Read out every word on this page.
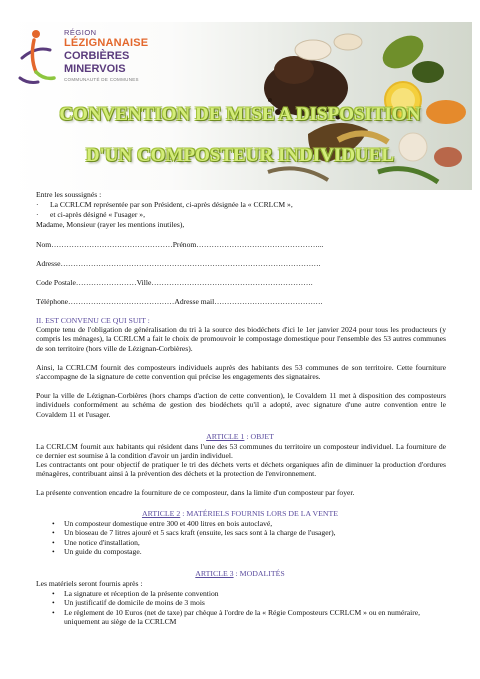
RÉGION
LÉZIGNANAISE
CORBIÈRES
MINERVOIS
COMMUNAUTÉ DE COMMUNES
CONVENTION DE MISE A DISPOSITION
D'UN COMPOSTEUR INDIVIDUEL
Entre les soussignés :
· La CCRLCM représentée par son Président, ci-après désignée la « CCRLCM »,
· et ci-après désigné « l'usager »,
Madame, Monsieur (rayer les mentions inutiles),
Nom…………………………………………Prénom…………………………………………...
Adresse………………………………………………………………………………………….
Code Postale……………………Ville……………………………………………………….
Téléphone……………………………………Adresse mail…………………………………….
II. EST CONVENU CE QUI SUIT :
Compte tenu de l'obligation de généralisation du tri à la source des biodéchets d'ici le 1er janvier 2024 pour tous les producteurs (y compris les ménages), la CCRLCM a fait le choix de promouvoir le compostage domestique pour l'ensemble des 53 autres communes de son territoire (hors ville de Lézignan-Corbières).
Ainsi, la CCRLCM fournit des composteurs individuels auprès des habitants des 53 communes de son territoire. Cette fourniture s'accompagne de la signature de cette convention qui précise les engagements des signataires.
Pour la ville de Lézignan-Corbières (hors champs d'action de cette convention), le Covaldem 11 met à disposition des composteurs individuels conformément au schéma de gestion des biodéchets qu'il a adopté, avec signature d'une autre convention entre le Covaldem 11 et l'usager.
ARTICLE 1 : OBJET
La CCRLCM fournit aux habitants qui résident dans l'une des 53 communes du territoire un composteur individuel. La fourniture de ce dernier est soumise à la condition d'avoir un jardin individuel.
Les contractants ont pour objectif de pratiquer le tri des déchets verts et déchets organiques afin de diminuer la production d'ordures ménagères, contribuant ainsi à la prévention des déchets et la protection de l'environnement.
La présente convention encadre la fourniture de ce composteur, dans la limite d'un composteur par foyer.
ARTICLE 2 : MATÉRIELS FOURNIS LORS DE LA VENTE
• Un composteur domestique entre 300 et 400 litres en bois autoclavé,
• Un bioseau de 7 litres ajouré et 5 sacs kraft (ensuite, les sacs sont à la charge de l'usager),
• Une notice d'installation,
• Un guide du compostage.
ARTICLE 3 : MODALITÉS
Les matériels seront fournis après :
• La signature et réception de la présente convention
• Un justificatif de domicile de moins de 3 mois
• Le règlement de 10 Euros (net de taxe) par chèque à l'ordre de la « Régie Composteurs CCRLCM » ou en numéraire, uniquement au siège de la CCRLCM
